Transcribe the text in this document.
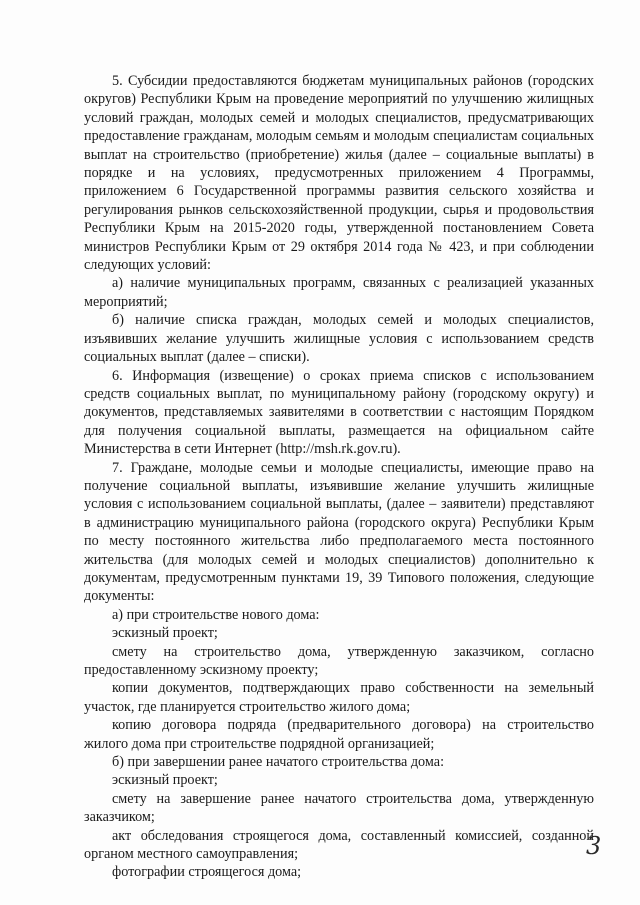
5. Субсидии предоставляются бюджетам муниципальных районов (городских округов) Республики Крым на проведение мероприятий по улучшению жилищных условий граждан, молодых семей и молодых специалистов, предусматривающих предоставление гражданам, молодым семьям и молодым специалистам социальных выплат на строительство (приобретение) жилья (далее – социальные выплаты) в порядке и на условиях, предусмотренных приложением 4 Программы, приложением 6 Государственной программы развития сельского хозяйства и регулирования рынков сельскохозяйственной продукции, сырья и продовольствия Республики Крым на 2015-2020 годы, утвержденной постановлением Совета министров Республики Крым от 29 октября 2014 года № 423, и при соблюдении следующих условий:

а) наличие муниципальных программ, связанных с реализацией указанных мероприятий;

б) наличие списка граждан, молодых семей и молодых специалистов, изъявивших желание улучшить жилищные условия с использованием средств социальных выплат (далее – списки).

6. Информация (извещение) о сроках приема списков с использованием средств социальных выплат, по муниципальному району (городскому округу) и документов, представляемых заявителями в соответствии с настоящим Порядком для получения социальной выплаты, размещается на официальном сайте Министерства в сети Интернет (http://msh.rk.gov.ru).

7. Граждане, молодые семьи и молодые специалисты, имеющие право на получение социальной выплаты, изъявившие желание улучшить жилищные условия с использованием социальной выплаты, (далее – заявители) представляют в администрацию муниципального района (городского округа) Республики Крым по месту постоянного жительства либо предполагаемого места постоянного жительства (для молодых семей и молодых специалистов) дополнительно к документам, предусмотренным пунктами 19, 39 Типового положения, следующие документы:

а) при строительстве нового дома:

эскизный проект;

смету на строительство дома, утвержденную заказчиком, согласно предоставленному эскизному проекту;

копии документов, подтверждающих право собственности на земельный участок, где планируется строительство жилого дома;

копию договора подряда (предварительного договора) на строительство жилого дома при строительстве подрядной организацией;

б) при завершении ранее начатого строительства дома:

эскизный проект;

смету на завершение ранее начатого строительства дома, утвержденную заказчиком;

акт обследования строящегося дома, составленный комиссией, созданной органом местного самоуправления;

фотографии строящегося дома;

3
